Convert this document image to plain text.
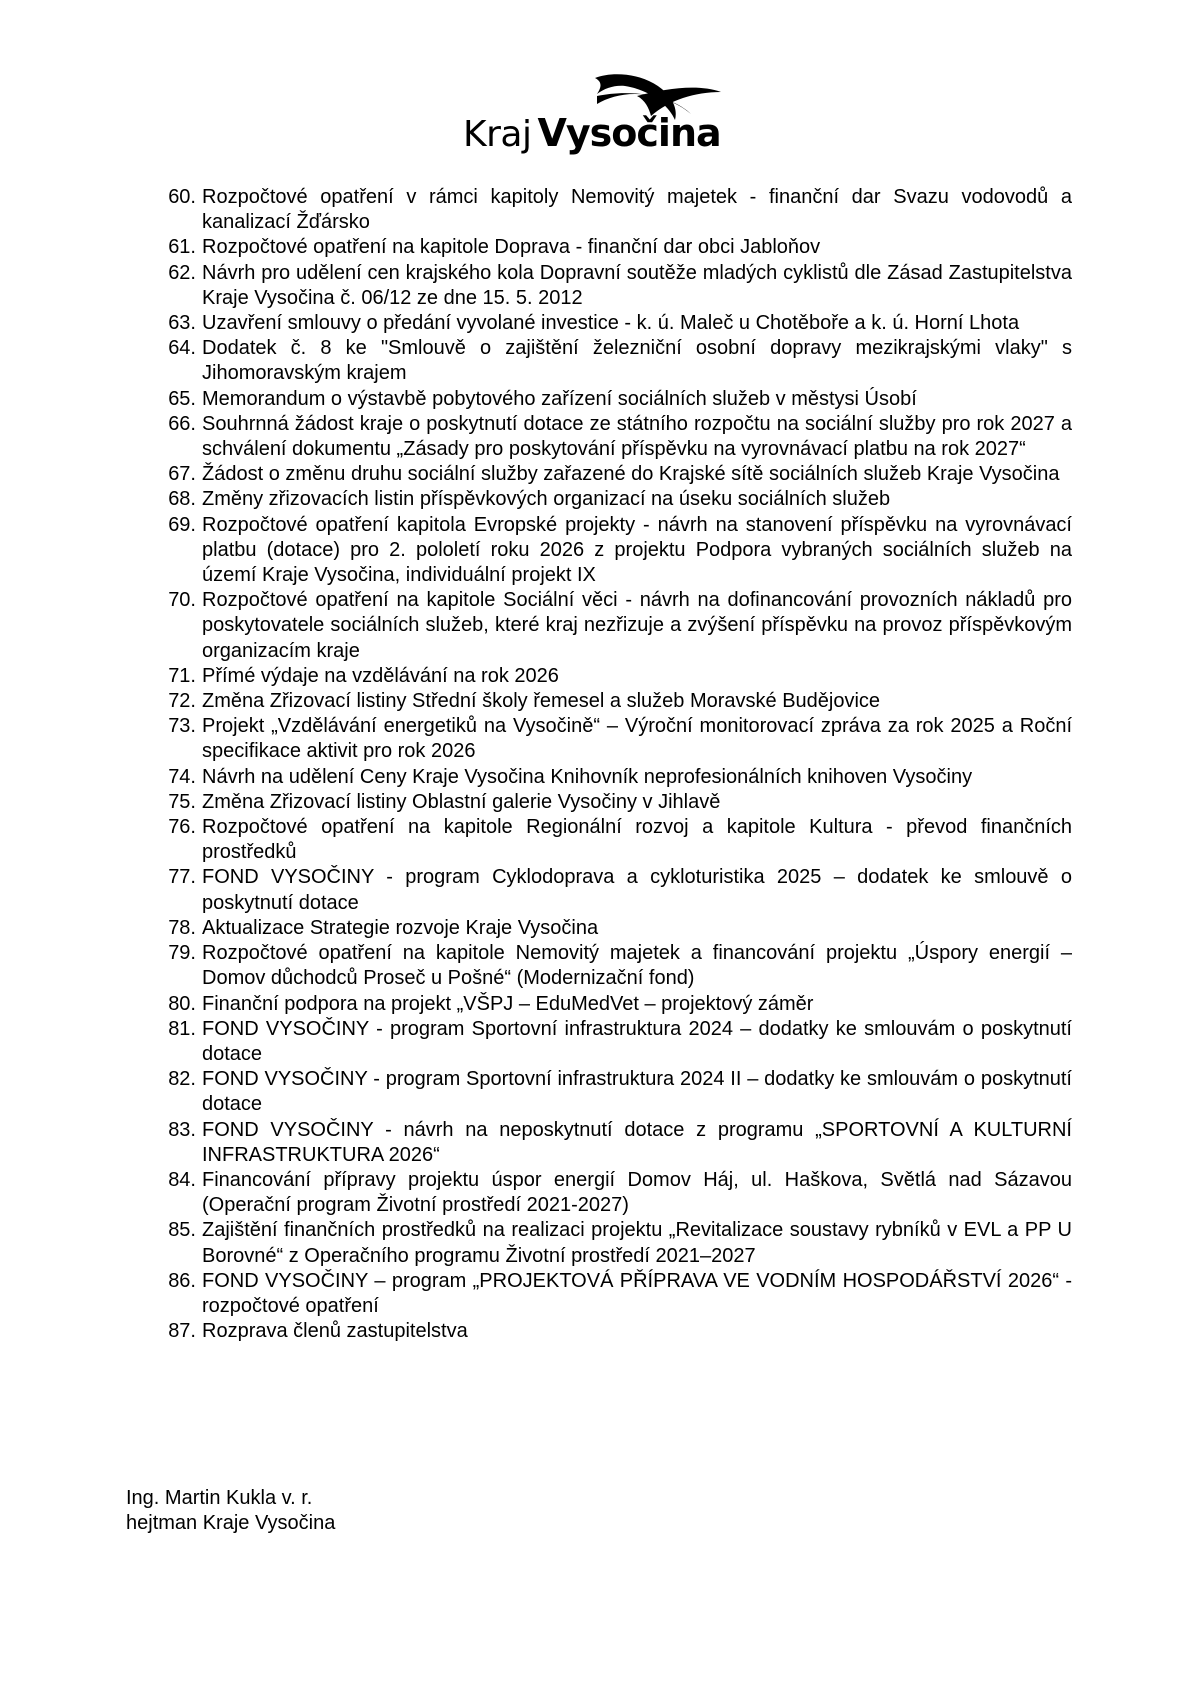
Kraj Vysočina
60. Rozpočtové opatření v rámci kapitoly Nemovitý majetek - finanční dar Svazu vodovodů a kanalizací Žďársko
61. Rozpočtové opatření na kapitole Doprava - finanční dar obci Jabloňov
62. Návrh pro udělení cen krajského kola Dopravní soutěže mladých cyklistů dle Zásad Zastupitelstva Kraje Vysočina č. 06/12 ze dne 15. 5. 2012
63. Uzavření smlouvy o předání vyvolané investice - k. ú. Maleč u Chotěboře a k. ú. Horní Lhota
64. Dodatek č. 8 ke "Smlouvě o zajištění železniční osobní dopravy mezikrajskými vlaky" s Jihomoravským krajem
65. Memorandum o výstavbě pobytového zařízení sociálních služeb v městysi Úsobí
66. Souhrnná žádost kraje o poskytnutí dotace ze státního rozpočtu na sociální služby pro rok 2027 a schválení dokumentu „Zásady pro poskytování příspěvku na vyrovnávací platbu na rok 2027“
67. Žádost o změnu druhu sociální služby zařazené do Krajské sítě sociálních služeb Kraje Vysočina
68. Změny zřizovacích listin příspěvkových organizací na úseku sociálních služeb
69. Rozpočtové opatření kapitola Evropské projekty - návrh na stanovení příspěvku na vyrovnávací platbu (dotace) pro 2. pololetí roku 2026 z projektu Podpora vybraných sociálních služeb na území Kraje Vysočina, individuální projekt IX
70. Rozpočtové opatření na kapitole Sociální věci - návrh na dofinancování provozních nákladů pro poskytovatele sociálních služeb, které kraj nezřizuje a zvýšení příspěvku na provoz příspěvkovým organizacím kraje
71. Přímé výdaje na vzdělávání na rok 2026
72. Změna Zřizovací listiny Střední školy řemesel a služeb Moravské Budějovice
73. Projekt „Vzdělávání energetiků na Vysočině“ – Výroční monitorovací zpráva za rok 2025 a Roční specifikace aktivit pro rok 2026
74. Návrh na udělení Ceny Kraje Vysočina Knihovník neprofesionálních knihoven Vysočiny
75. Změna Zřizovací listiny Oblastní galerie Vysočiny v Jihlavě
76. Rozpočtové opatření na kapitole Regionální rozvoj a kapitole Kultura - převod finančních prostředků
77. FOND VYSOČINY - program Cyklodoprava a cykloturistika 2025 – dodatek ke smlouvě o poskytnutí dotace
78. Aktualizace Strategie rozvoje Kraje Vysočina
79. Rozpočtové opatření na kapitole Nemovitý majetek a financování projektu „Úspory energií – Domov důchodců Proseč u Pošné“ (Modernizační fond)
80. Finanční podpora na projekt „VŠPJ – EduMedVet – projektový záměr
81. FOND VYSOČINY - program Sportovní infrastruktura 2024 – dodatky ke smlouvám o poskytnutí dotace
82. FOND VYSOČINY - program Sportovní infrastruktura 2024 II – dodatky ke smlouvám o poskytnutí dotace
83. FOND VYSOČINY - návrh na neposkytnutí dotace z programu „SPORTOVNÍ A KULTURNÍ INFRASTRUKTURA 2026“
84. Financování přípravy projektu úspor energií Domov Háj, ul. Haškova, Světlá nad Sázavou (Operační program Životní prostředí 2021-2027)
85. Zajištění finančních prostředků na realizaci projektu „Revitalizace soustavy rybníků v EVL a PP U Borovné“ z Operačního programu Životní prostředí 2021–2027
86. FOND VYSOČINY – program „PROJEKTOVÁ PŘÍPRAVA VE VODNÍM HOSPODÁŘSTVÍ 2026“ - rozpočtové opatření
87. Rozprava členů zastupitelstva
Ing. Martin Kukla v. r.
hejtman Kraje Vysočina
